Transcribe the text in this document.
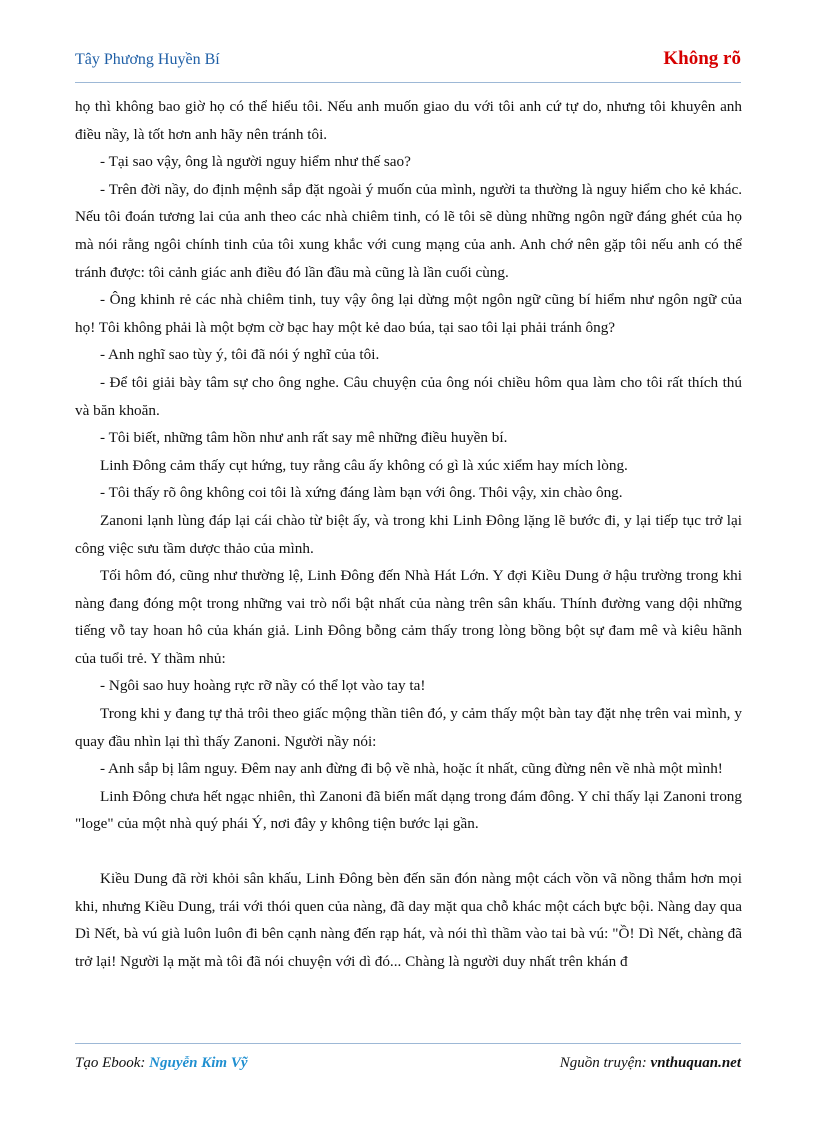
Tây Phương Huyền Bí	Không rõ

họ thì không bao giờ họ có thể hiểu tôi. Nếu anh muốn giao du với tôi anh cứ tự do, nhưng tôi khuyên anh điều nầy, là tốt hơn anh hãy nên tránh tôi.

- Tại sao vậy, ông là người nguy hiểm như thế sao?

- Trên đời nầy, do định mệnh sắp đặt ngoài ý muốn của mình, người ta thường là nguy hiểm cho kẻ khác. Nếu tôi đoán tương lai của anh theo các nhà chiêm tinh, có lẽ tôi sẽ dùng những ngôn ngữ đáng ghét của họ mà nói rằng ngôi chính tinh của tôi xung khắc với cung mạng của anh. Anh chớ nên gặp tôi nếu anh có thể tránh được: tôi cảnh giác anh điều đó lần đầu mà cũng là lần cuối cùng.

- Ông khinh rẻ các nhà chiêm tinh, tuy vậy ông lại dừng một ngôn ngữ cũng bí hiểm như ngôn ngữ của họ! Tôi không phải là một bợm cờ bạc hay một kẻ dao búa, tại sao tôi lại phải tránh ông?

- Anh nghĩ sao tùy ý, tôi đã nói ý nghĩ của tôi.

- Để tôi giải bày tâm sự cho ông nghe. Câu chuyện của ông nói chiều hôm qua làm cho tôi rất thích thú và băn khoăn.

- Tôi biết, những tâm hồn như anh rất say mê những điều huyền bí.

Linh Đông cảm thấy cụt hứng, tuy rằng câu ấy không có gì là xúc xiểm hay mích lòng.

- Tôi thấy rõ ông không coi tôi là xứng đáng làm bạn với ông. Thôi vậy, xin chào ông.

Zanoni lạnh lùng đáp lại cái chào từ biệt ấy, và trong khi Linh Đông lặng lẽ bước đi, y lại tiếp tục trở lại công việc sưu tầm dược thảo của mình.

Tối hôm đó, cũng như thường lệ, Linh Đông đến Nhà Hát Lớn. Y đợi Kiều Dung ở hậu trường trong khi nàng đang đóng một trong những vai trò nổi bật nhất của nàng trên sân khấu. Thính đường vang dội những tiếng vỗ tay hoan hô của khán giả. Linh Đông bỗng cảm thấy trong lòng bồng bột sự đam mê và kiêu hãnh của tuổi trẻ. Y thầm nhủ:

- Ngôi sao huy hoàng rực rỡ nầy có thể lọt vào tay ta!

Trong khi y đang tự thả trôi theo giấc mộng thần tiên đó, y cảm thấy một bàn tay đặt nhẹ trên vai mình, y quay đầu nhìn lại thì thấy Zanoni. Người nầy nói:

- Anh sắp bị lâm nguy. Đêm nay anh đừng đi bộ về nhà, hoặc ít nhất, cũng đừng nên về nhà một mình!

Linh Đông chưa hết ngạc nhiên, thì Zanoni đã biến mất dạng trong đám đông. Y chỉ thấy lại Zanoni trong "loge" của một nhà quý phái Ý, nơi đây y không tiện bước lại gần.

Kiều Dung đã rời khỏi sân khấu, Linh Đông bèn đến săn đón nàng một cách vồn vã nồng thắm hơn mọi khi, nhưng Kiều Dung, trái với thói quen của nàng, đã day mặt qua chỗ khác một cách bực bội. Nàng day qua Dì Nết, bà vú già luôn luôn đi bên cạnh nàng đến rạp hát, và nói thì thầm vào tai bà vú: "Ồ! Dì Nết, chàng đã trở lại! Người lạ mặt mà tôi đã nói chuyện với dì đó... Chàng là người duy nhất trên khán đ

Tạo Ebook: Nguyễn Kim Vỹ	Nguồn truyện: vnthuquan.net
